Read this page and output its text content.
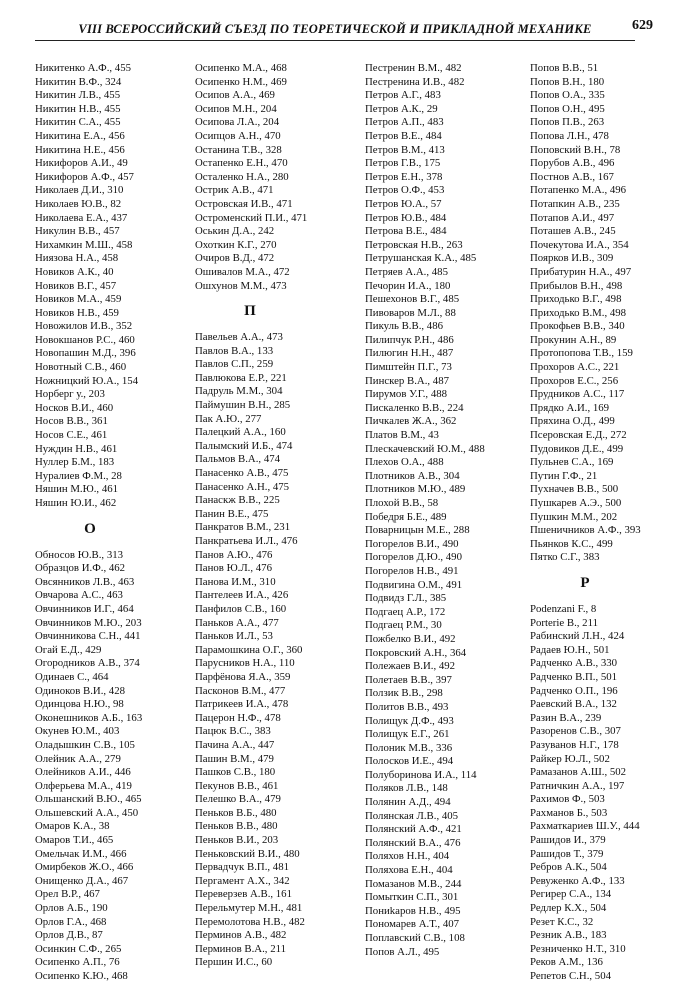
VIII ВСЕРОССИЙСКИЙ СЪЕЗД ПО ТЕОРЕТИЧЕСКОЙ И ПРИКЛАДНОЙ МЕХАНИКЕ	629
Никитенко А.Ф., 455
Никитин В.Ф., 324
Никитин Л.В., 455
Никитин Н.В., 455
Никитин С.А., 455
Никитина Е.А., 456
Никитина Н.Е., 456
Никифоров А.И., 49
Никифоров А.Ф., 457
Николаев Д.И., 310
Николаев Ю.В., 82
Николаева Е.А., 437
Никулин В.В., 457
Нихамкин М.Ш., 458
Ниязова Н.А., 458
Новиков А.К., 40
Новиков В.Г., 457
Новиков М.А., 459
Новиков Н.В., 459
Новожилов И.В., 352
Новокшанов Р.С., 460
Новопашин М.Д., 396
Новотный С.В., 460
Ножницкий Ю.А., 154
Норберг у., 203
Носков В.И., 460
Носов В.В., 361
Носов С.Е., 461
Нуждин Н.В., 461
Нуллер Б.М., 183
Нуралиев Ф.М., 28
Няшин М.Ю., 461
Няшин Ю.И., 462
О
Обносов Ю.В., 313
Образцов И.Ф., 462
Овсянников Л.В., 463
Овчарова А.С., 463
Овчинников И.Г., 464
Овчинников М.Ю., 203
Овчинникова С.Н., 441
Огай Е.Д., 429
Огородников А.В., 374
Одинаев С., 464
Одиноков В.И., 428
Одинцова Н.Ю., 98
Оконешников А.Б., 163
Окунев Ю.М., 403
Оладышкин С.В., 105
Олейник А.А., 279
Олейников А.И., 446
Олферьева М.А., 419
Ольшанский В.Ю., 465
Ольшевский А.А., 450
Омаров К.А., 38
Омаров Т.И., 465
Омельчак И.М., 466
Омирбеков Ж.О., 466
Онищенко Д.А., 467
Орел В.Р., 467
Орлов А.Б., 190
Орлов Г.А., 468
Орлов Д.В., 87
Осинкин С.Ф., 265
Осипенко А.П., 76
Осипенко К.Ю., 468
Осипенко М.А., 468
Осипенко Н.М., 469
Осипов А.А., 469
Осипов М.Н., 204
Осипова Л.А., 204
Осипцов А.Н., 470
Останина Т.В., 328
Остапенко Е.Н., 470
Осталенко Н.А., 280
Острик А.В., 471
Островская И.В., 471
Остроменский П.И., 471
Оськин Д.А., 242
Охоткин К.Г., 270
Очиров В.Д., 472
Ошивалов М.А., 472
Ошхунов М.М., 473
П
Павельев А.А., 473
Павлов В.А., 133
Павлов С.П., 259
Павлюкова Е.Р., 221
Падруль М.М., 304
Паймушин В.Н., 285
Пак А.Ю., 277
Палецкий А.А., 160
Палымский И.Б., 474
Пальмов В.А., 474
Панасенко А.В., 475
Панасенко А.Н., 475
Панаскж В.В., 225
Панин В.Е., 475
Панкратов В.М., 231
Панкратьева И.Л., 476
Панов А.Ю., 476
Панов Ю.Л., 476
Панова И.М., 310
Пантелеев И.А., 426
Панфилов С.В., 160
Паньков А.А., 477
Паньков И.Л., 53
Парамошкина О.Г., 360
Парусников Н.А., 110
Парфёнова Я.А., 359
Пасконов В.М., 477
Патрикеев И.А., 478
Пацерон Н.Ф., 478
Пацюк В.С., 383
Пачина А.А., 447
Пашин В.М., 479
Пашков С.В., 180
Пекунов В.В., 461
Пелешко В.А., 479
Пеньков В.Б., 480
Пеньков В.В., 480
Пеньков В.И., 203
Пеньковский В.И., 480
Первадчук В.П., 481
Пергамент А.Х., 342
Переверзев А.В., 161
Перельмутер М.Н., 481
Перемолотова Н.В., 482
Перминов А.В., 482
Перминов В.А., 211
Першин И.С., 60
Пестренин В.М., 482
Пестренина И.В., 482
Петров А.Г., 483
Петров А.К., 29
Петров А.П., 483
Петров В.Е., 484
Петров В.М., 413
Петров Г.В., 175
Петров Е.Н., 378
Петров О.Ф., 453
Петров Ю.А., 57
Петров Ю.В., 484
Петрова В.Е., 484
Петровская Н.В., 263
Петрушанская К.А., 485
Петряев А.А., 485
Печорин И.А., 180
Пешехонов В.Г., 485
Пивоваров М.Л., 88
Пикуль В.В., 486
Пилипчук Р.Н., 486
Пилюгин Н.Н., 487
Пимштейн П.Г., 73
Пинскер В.А., 487
Пирумов У.Г., 488
Пискаленко В.В., 224
Пичкалев Ж.А., 362
Платов В.М., 43
Плескачевский Ю.М., 488
Плехов О.А., 488
Плотников А.В., 304
Плотников М.Ю., 489
Плохой В.В., 58
Победря Б.Е., 489
Поварницын М.Е., 288
Погорелов В.И., 490
Погорелов Д.Ю., 490
Погорелов Н.В., 491
Подвигина О.М., 491
Подвидз Г.Л., 385
Подгаец А.Р., 172
Подгаец Р.М., 30
Пожбелко В.И., 492
Покровский А.Н., 364
Полежаев В.И., 492
Полетаев В.В., 397
Ползик В.В., 298
Политов В.В., 493
Полищук Д.Ф., 493
Полищук Е.Г., 261
Полоник М.В., 336
Полосков И.Е., 494
Полуборинова И.А., 114
Поляков Л.В., 148
Полянин А.Д., 494
Полянская Л.В., 405
Полянский А.Ф., 421
Полянский В.А., 476
Поляхов Н.Н., 404
Поляхова Е.Н., 404
Помазанов М.В., 244
Помыткин С.П., 301
Пониkаров Н.В., 495
Пономарев А.Т., 407
Поплавский С.В., 108
Попов А.Л., 495
Попов В.В., 51
Попов В.Н., 180
Попов О.А., 335
Попов О.Н., 495
Попов П.В., 263
Попова Л.Н., 478
Поповский В.Н., 78
Порубов А.В., 496
Постнов А.В., 167
Потапенко М.А., 496
Потапкин А.В., 235
Потапов А.И., 497
Поташев А.В., 245
Почекутова И.А., 354
Поярков И.В., 309
Прибатурин Н.А., 497
Прибылов В.Н., 498
Приходько В.Г., 498
Приходько В.М., 498
Прокофьев В.В., 340
Прокунин А.Н., 89
Протопопова Т.В., 159
Прохоров А.С., 221
Прохоров Е.С., 256
Прудников А.С., 117
Прядко А.И., 169
Пряхина О.Д., 499
Псеровская Е.Д., 272
Пудовиков Д.Е., 499
Пульнев С.А., 169
Путин Г.Ф., 21
Пухначев В.В., 500
Пушкарев А.Э., 500
Пушкин М.М., 202
Пшеничников А.Ф., 393
Пьянков К.С., 499
Пятко С.Г., 383
Р
Podenzani F., 8
Porterie B., 211
Рабинский Л.Н., 424
Радаев Ю.Н., 501
Радченко А.В., 330
Радченко В.П., 501
Радченко О.П., 196
Раевский В.А., 132
Разин В.А., 239
Разоренов С.В., 307
Разуванов Н.Г., 178
Райкер Ю.Л., 502
Рамазанов А.Ш., 502
Ратничкин А.А., 197
Рахимов Ф., 503
Рахманов Б., 503
Рахматкариев Ш.У., 444
Рашидов И., 379
Рашидов Т., 379
Ребров А.К., 504
Ревуженко А.Ф., 133
Регирер С.А., 134
Редлер К.Х., 504
Резет К.С., 32
Резник А.В., 183
Резниченко Н.Т., 310
Реков А.М., 136
Репетов С.Н., 504
